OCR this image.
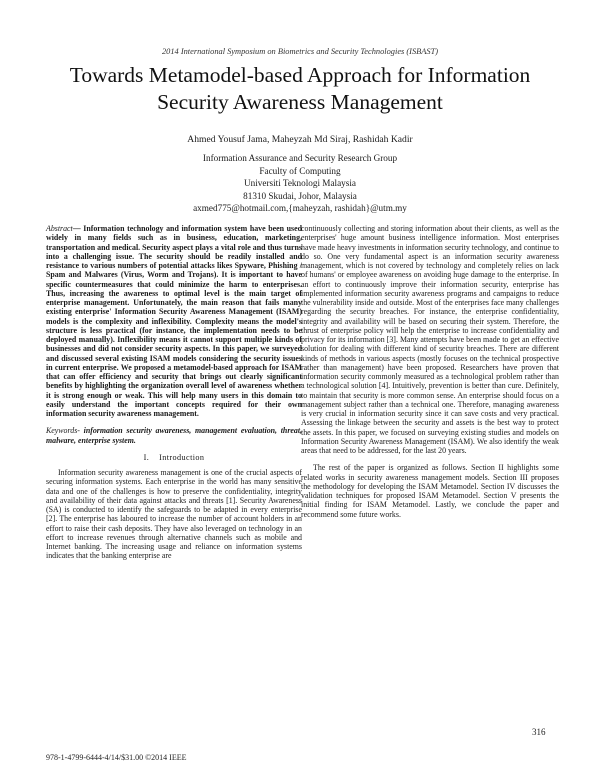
2014 International Symposium on Biometrics and Security Technologies (ISBAST)
Towards Metamodel-based Approach for Information
Security Awareness Management
Ahmed Yousuf Jama, Maheyzah Md Siraj, Rashidah Kadir
Information Assurance and Security Research Group
Faculty of Computing
Universiti Teknologi Malaysia
81310 Skudai, Johor, Malaysia
axmed775@hotmail.com,{maheyzah, rashidah}@utm.my
Abstract— Information technology and information system have been used widely in many fields such as in business, education, marketing, transportation and medical. Security aspect plays a vital role and thus turns into a challenging issue. The security should be readily installed and resistance to various numbers of potential attacks likes Spyware, Phishing / Spam and Malwares (Virus, Worm and Trojans). It is important to have specific countermeasures that could minimize the harm to enterprises. Thus, increasing the awareness to optimal level is the main target of enterprise management. Unfortunately, the main reason that fails many existing enterprise' Information Security Awareness Management (ISAM) models is the complexity and inflexibility. Complexity means the model's structure is less practical (for instance, the implementation needs to be deployed manually). Inflexibility means it cannot support multiple kinds of businesses and did not consider security aspects. In this paper, we surveyed and discussed several existing ISAM models considering the security issues in current enterprise. We proposed a metamodel-based approach for ISAM that can offer efficiency and security that brings out clearly significant benefits by highlighting the organization overall level of awareness whether it is strong enough or weak. This will help many users in this domain to easily understand the important concepts required for their own information security awareness management.
Keywords- information security awareness, management evaluation, threat, malware, enterprise system.
I. Introduction

Information security awareness management is one of the crucial aspects of securing information systems. Each enterprise in the world has many sensitive data and one of the challenges is how to preserve the confidentiality, integrity and availability of their data against attacks and threats [1]. Security Awareness (SA) is conducted to identify the safeguards to be adapted in every enterprise [2]. The enterprise has laboured to increase the number of account holders in an effort to raise their cash deposits. They have also leveraged on technology in an effort to increase revenues through alternative channels such as mobile and Internet banking. The increasing usage and reliance on information systems indicates that the banking enterprise are

continuously collecting and storing information about their clients, as well as the enterprises' huge amount business intelligence information. Most enterprises have made heavy investments in information security technology, and continue to do so. One very fundamental aspect is an information security awareness management, which is not covered by technology and completely relies on lack of humans' or employee awareness on avoiding huge damage to the enterprise. In an effort to continuously improve their information security, enterprise has implemented information security awareness programs and campaigns to reduce the vulnerability inside and outside. Most of the enterprises face many challenges regarding the security breaches. For instance, the enterprise confidentiality, integrity and availability will be based on securing their system. Therefore, the thrust of enterprise policy will help the enterprise to increase confidentiality and privacy for its information [3]. Many attempts have been made to get an effective solution for dealing with different kind of security breaches. There are different kinds of methods in various aspects (mostly focuses on the technical prospective rather than management) have been proposed. Researchers have proven that information security commonly measured as a technological problem rather than a technological solution [4]. Intuitively, prevention is better than cure. Definitely, to maintain that security is more common sense. An enterprise should focus on a management subject rather than a technical one. Therefore, managing awareness is very crucial in information security since it can save costs and very practical. Assessing the linkage between the security and assets is the best way to protect the assets. In this paper, we focused on surveying existing studies and models on Information Security Awareness Management (ISAM). We also identify the weak areas that need to be addressed, for the last 20 years.

The rest of the paper is organized as follows. Section II highlights some related works in security awareness management models. Section III proposes the methodology for developing the ISAM Metamodel. Section IV discusses the validation techniques for proposed ISAM Metamodel. Section V presents the initial finding for ISAM Metamodel. Lastly, we conclude the paper and recommend some future works.

978-1-4799-6444-4/14/$31.00 ©2014 IEEE
316
